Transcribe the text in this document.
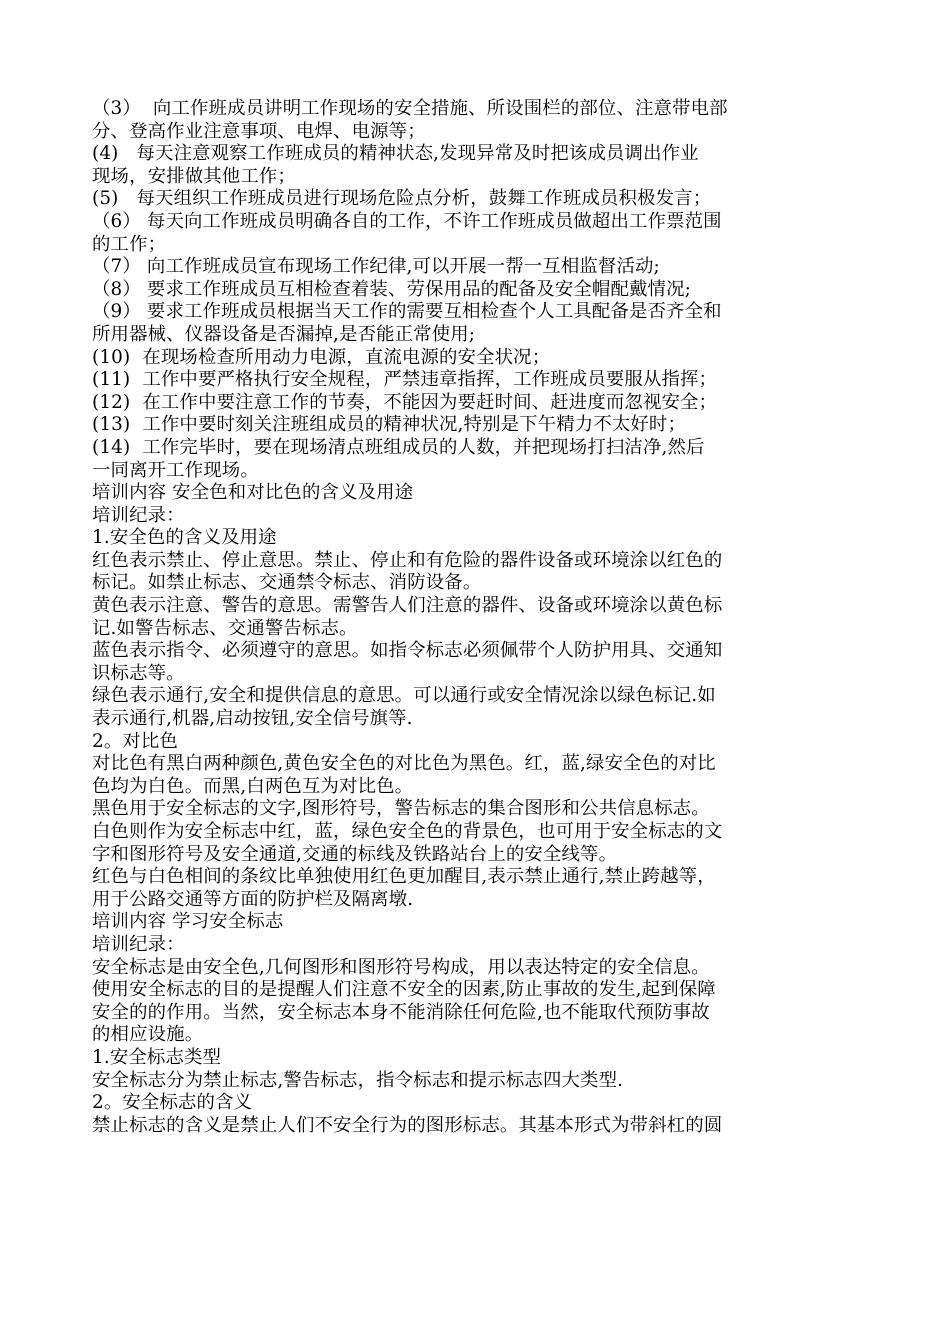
（3）  向工作班成员讲明工作现场的安全措施、所设围栏的部位、注意带电部
分、登高作业注意事项、电焊、电源等；
(4)   每天注意观察工作班成员的精神状态,发现异常及时把该成员调出作业
现场，安排做其他工作；
(5)   每天组织工作班成员进行现场危险点分析，鼓舞工作班成员积极发言；
（6） 每天向工作班成员明确各自的工作，不许工作班成员做超出工作票范围
的工作；
（7） 向工作班成员宣布现场工作纪律,可以开展一帮一互相监督活动;
（8） 要求工作班成员互相检查着装、劳保用品的配备及安全帽配戴情况;
（9） 要求工作班成员根据当天工作的需要互相检查个人工具配备是否齐全和
所用器械、仪器设备是否漏掉,是否能正常使用;
(10)  在现场检查所用动力电源，直流电源的安全状况；
(11)  工作中要严格执行安全规程，严禁违章指挥，工作班成员要服从指挥；
(12)  在工作中要注意工作的节奏，不能因为要赶时间、赶进度而忽视安全；
(13)  工作中要时刻关注班组成员的精神状况,特别是下午精力不太好时；
(14)  工作完毕时，要在现场清点班组成员的人数，并把现场打扫洁净,然后
一同离开工作现场。
培训内容 安全色和对比色的含义及用途
培训纪录：
1.安全色的含义及用途
红色表示禁止、停止意思。禁止、停止和有危险的器件设备或环境涂以红色的
标记。如禁止标志、交通禁令标志、消防设备。
黄色表示注意、警告的意思。需警告人们注意的器件、设备或环境涂以黄色标
记.如警告标志、交通警告标志。
蓝色表示指令、必须遵守的意思。如指令标志必须佩带个人防护用具、交通知
识标志等。
绿色表示通行,安全和提供信息的意思。可以通行或安全情况涂以绿色标记.如
表示通行,机器,启动按钮,安全信号旗等.
2。对比色
对比色有黑白两种颜色,黄色安全色的对比色为黑色。红，蓝,绿安全色的对比
色均为白色。而黑,白两色互为对比色。
黑色用于安全标志的文字,图形符号，警告标志的集合图形和公共信息标志。
白色则作为安全标志中红，蓝，绿色安全色的背景色，也可用于安全标志的文
字和图形符号及安全通道,交通的标线及铁路站台上的安全线等。
红色与白色相间的条纹比单独使用红色更加醒目,表示禁止通行,禁止跨越等，
用于公路交通等方面的防护栏及隔离墩.
培训内容 学习安全标志
培训纪录：
安全标志是由安全色,几何图形和图形符号构成，用以表达特定的安全信息。
使用安全标志的目的是提醒人们注意不安全的因素,防止事故的发生,起到保障
安全的的作用。当然，安全标志本身不能消除任何危险,也不能取代预防事故
的相应设施。
1.安全标志类型
安全标志分为禁止标志,警告标志，指令标志和提示标志四大类型.
2。安全标志的含义
禁止标志的含义是禁止人们不安全行为的图形标志。其基本形式为带斜杠的圆
